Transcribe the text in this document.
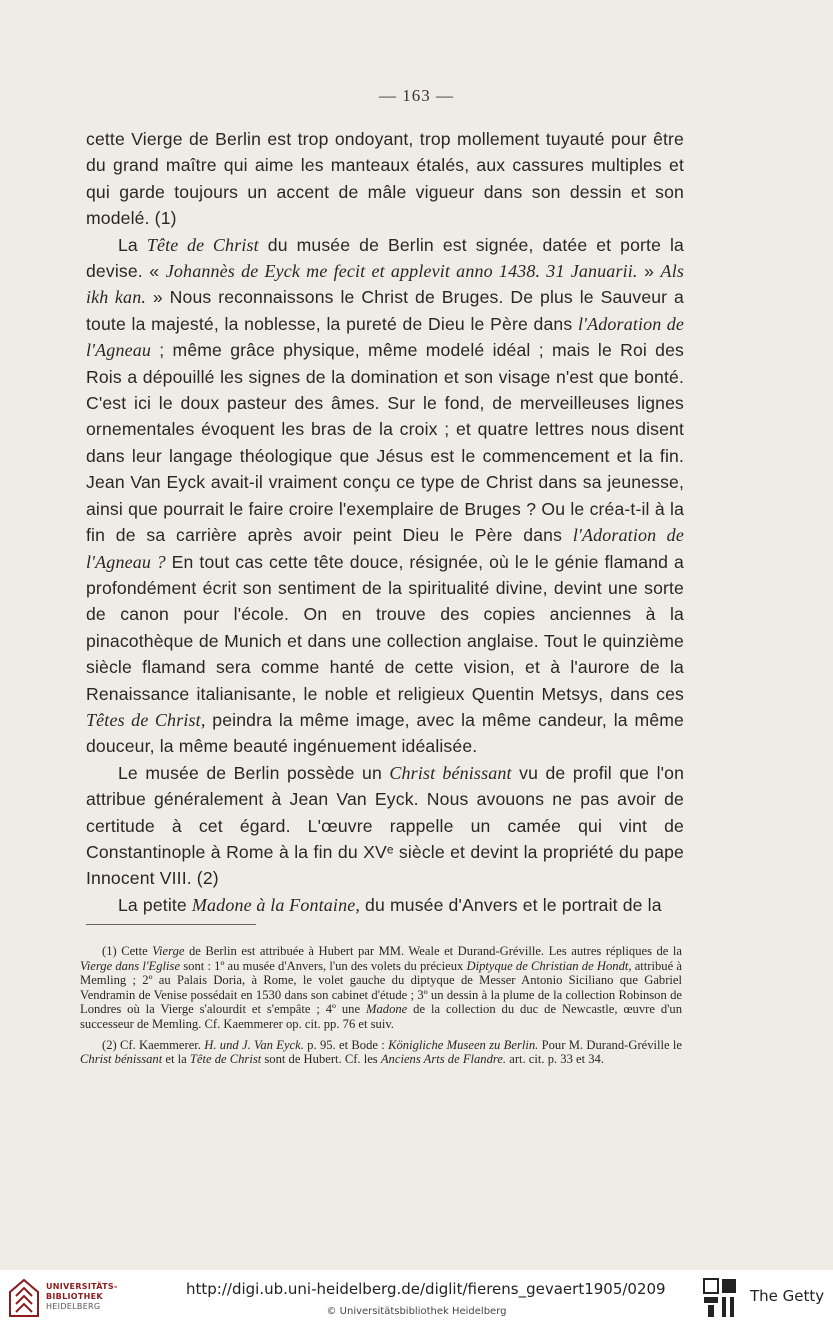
— 163 —

cette Vierge de Berlin est trop ondoyant, trop mollement tuyauté pour être du grand maître qui aime les manteaux étalés, aux cassures multiples et qui garde toujours un accent de mâle vigueur dans son dessin et son modelé. (1)

La Tête de Christ du musée de Berlin est signée, datée et porte la devise. « Johannès de Eyck me fecit et applevit anno 1438. 31 Januarii. » Als ikh kan. » Nous reconnaissons le Christ de Bruges. De plus le Sauveur a toute la majesté, la noblesse, la pureté de Dieu le Père dans l'Adoration de l'Agneau ; même grâce physique, même modelé idéal ; mais le Roi des Rois a dépouillé les signes de la domination et son visage n'est que bonté. C'est ici le doux pasteur des âmes. Sur le fond, de merveilleuses lignes ornementales évoquent les bras de la croix ; et quatre lettres nous disent dans leur langage théologique que Jésus est le commencement et la fin. Jean Van Eyck avait-il vraiment conçu ce type de Christ dans sa jeunesse, ainsi que pourrait le faire croire l'exemplaire de Bruges ? Ou le créa-t-il à la fin de sa carrière après avoir peint Dieu le Père dans l'Adoration de l'Agneau ? En tout cas cette tête douce, résignée, où le le génie flamand a profondément écrit son sentiment de la spiritualité divine, devint une sorte de canon pour l'école. On en trouve des copies anciennes à la pinacothèque de Munich et dans une collection anglaise. Tout le quinzième siècle flamand sera comme hanté de cette vision, et à l'aurore de la Renaissance italianisante, le noble et religieux Quentin Metsys, dans ces Têtes de Christ, peindra la même image, avec la même candeur, la même douceur, la même beauté ingénuement idéalisée.

Le musée de Berlin possède un Christ bénissant vu de profil que l'on attribue généralement à Jean Van Eyck. Nous avouons ne pas avoir de certitude à cet égard. L'œuvre rappelle un camée qui vint de Constantinople à Rome à la fin du XVᵉ siècle et devint la propriété du pape Innocent VIII. (2)

La petite Madone à la Fontaine, du musée d'Anvers et le portrait de la

(1) Cette Vierge de Berlin est attribuée à Hubert par MM. Weale et Durand-Gréville. Les autres répliques de la Vierge dans l'Eglise sont : 1º au musée d'Anvers, l'un des volets du précieux Diptyque de Christian de Hondt, attribué à Memling ; 2º au Palais Doria, à Rome, le volet gauche du diptyque de Messer Antonio Siciliano que Gabriel Vendramin de Venise possédait en 1530 dans son cabinet d'étude ; 3º un dessin à la plume de la collection Robinson de Londres où la Vierge s'alourdit et s'empâte ; 4º une Madone de la collection du duc de Newcastle, œuvre d'un successeur de Memling. Cf. Kaemmerer op. cit. pp. 76 et suiv.

(2) Cf. Kaemmerer. H. und J. Van Eyck. p. 95. et Bode : Königliche Museen zu Berlin. Pour M. Durand-Gréville le Christ bénissant et la Tête de Christ sont de Hubert. Cf. les Anciens Arts de Flandre. art. cit. p. 33 et 34.

UNIVERSITÄTS-
BIBLIOTHEK
HEIDELBERG
http://digi.ub.uni-heidelberg.de/diglit/fierens_gevaert1905/0209
© Universitätsbibliothek Heidelberg
The Getty
